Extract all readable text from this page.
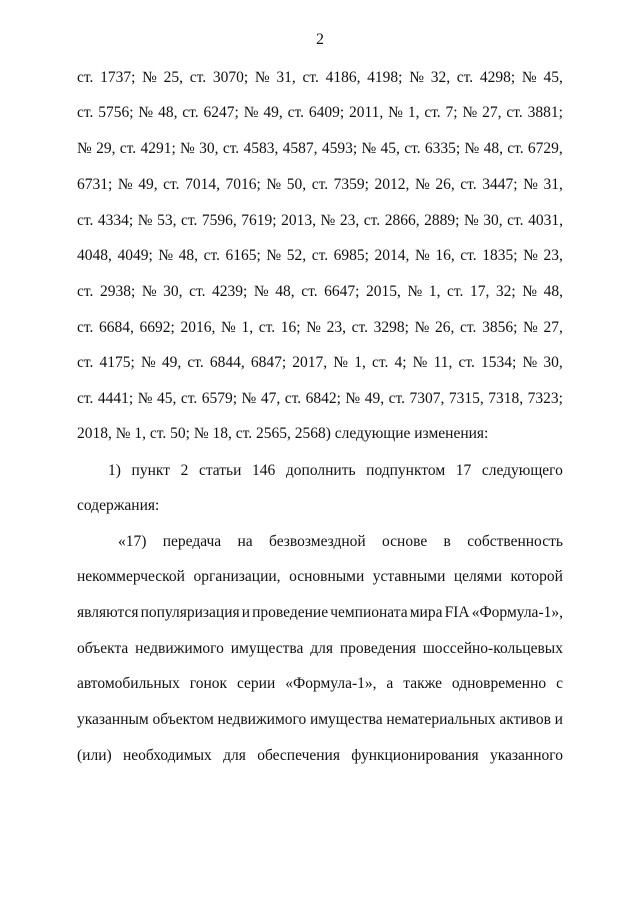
2
ст. 1737; № 25, ст. 3070; № 31, ст. 4186, 4198; № 32, ст. 4298; № 45,
ст. 5756; № 48, ст. 6247; № 49, ст. 6409; 2011, № 1, ст. 7; № 27, ст. 3881;
№ 29, ст. 4291; № 30, ст. 4583, 4587, 4593; № 45, ст. 6335; № 48, ст. 6729,
6731; № 49, ст. 7014, 7016; № 50, ст. 7359; 2012, № 26, ст. 3447; № 31,
ст. 4334; № 53, ст. 7596, 7619; 2013, № 23, ст. 2866, 2889; № 30, ст. 4031,
4048, 4049; № 48, ст. 6165; № 52, ст. 6985; 2014, № 16, ст. 1835; № 23,
ст. 2938; № 30, ст. 4239; № 48, ст. 6647; 2015, № 1, ст. 17, 32; № 48,
ст. 6684, 6692; 2016, № 1, ст. 16; № 23, ст. 3298; № 26, ст. 3856; № 27,
ст. 4175; № 49, ст. 6844, 6847; 2017, № 1, ст. 4; № 11, ст. 1534; № 30,
ст. 4441; № 45, ст. 6579; № 47, ст. 6842; № 49, ст. 7307, 7315, 7318, 7323;
2018, № 1, ст. 50; № 18, ст. 2565, 2568) следующие изменения:
1) пункт 2 статьи 146 дополнить подпунктом 17 следующего
содержания:
«17) передача на безвозмездной основе в собственность
некоммерческой организации, основными уставными целями которой
являются популяризация и проведение чемпионата мира FIA «Формула-1»,
объекта недвижимого имущества для проведения шоссейно-кольцевых
автомобильных гонок серии «Формула-1», а также одновременно с
указанным объектом недвижимого имущества нематериальных активов и
(или) необходимых для обеспечения функционирования указанного
